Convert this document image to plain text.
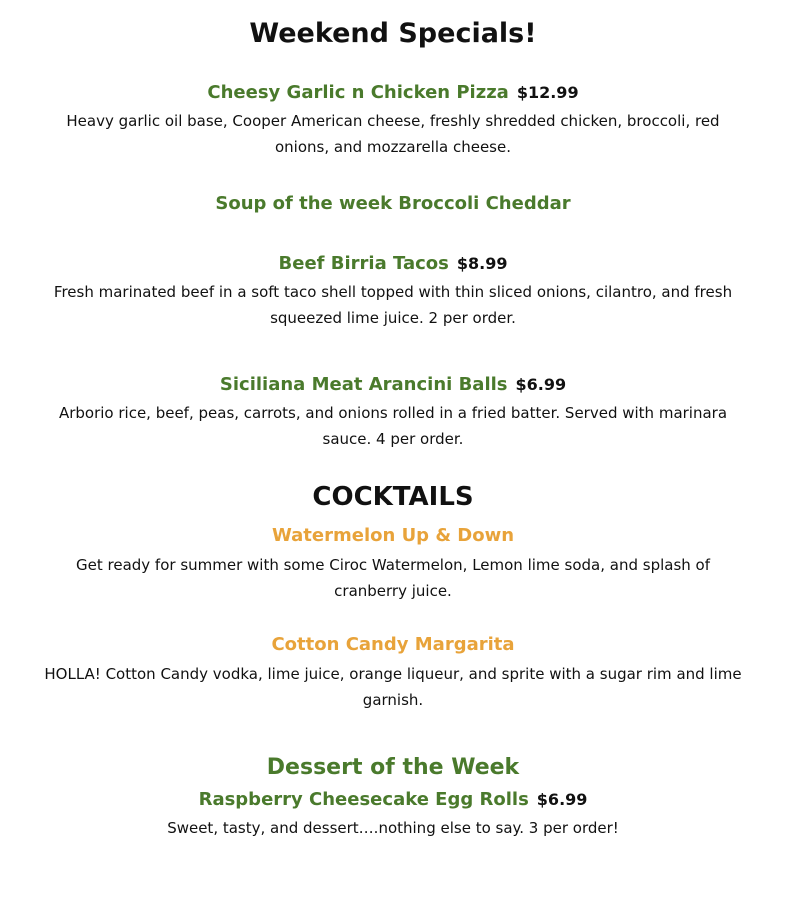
Weekend Specials!
Cheesy Garlic n Chicken Pizza $12.99
Heavy garlic oil base, Cooper American cheese, freshly shredded chicken, broccoli, red onions, and mozzarella cheese.
Soup of the week Broccoli Cheddar
Beef Birria Tacos $8.99
Fresh marinated beef in a soft taco shell topped with thin sliced onions, cilantro, and fresh squeezed lime juice. 2 per order.
Siciliana Meat Arancini Balls $6.99
Arborio rice, beef, peas, carrots, and onions rolled in a fried batter. Served with marinara sauce. 4 per order.
COCKTAILS
Watermelon Up & Down
Get ready for summer with some Ciroc Watermelon, Lemon lime soda, and splash of cranberry juice.
Cotton Candy Margarita
HOLLA! Cotton Candy vodka, lime juice, orange liqueur, and sprite with a sugar rim and lime garnish.
Dessert of the Week
Raspberry Cheesecake Egg Rolls $6.99
Sweet, tasty, and dessert….nothing else to say. 3 per order!
